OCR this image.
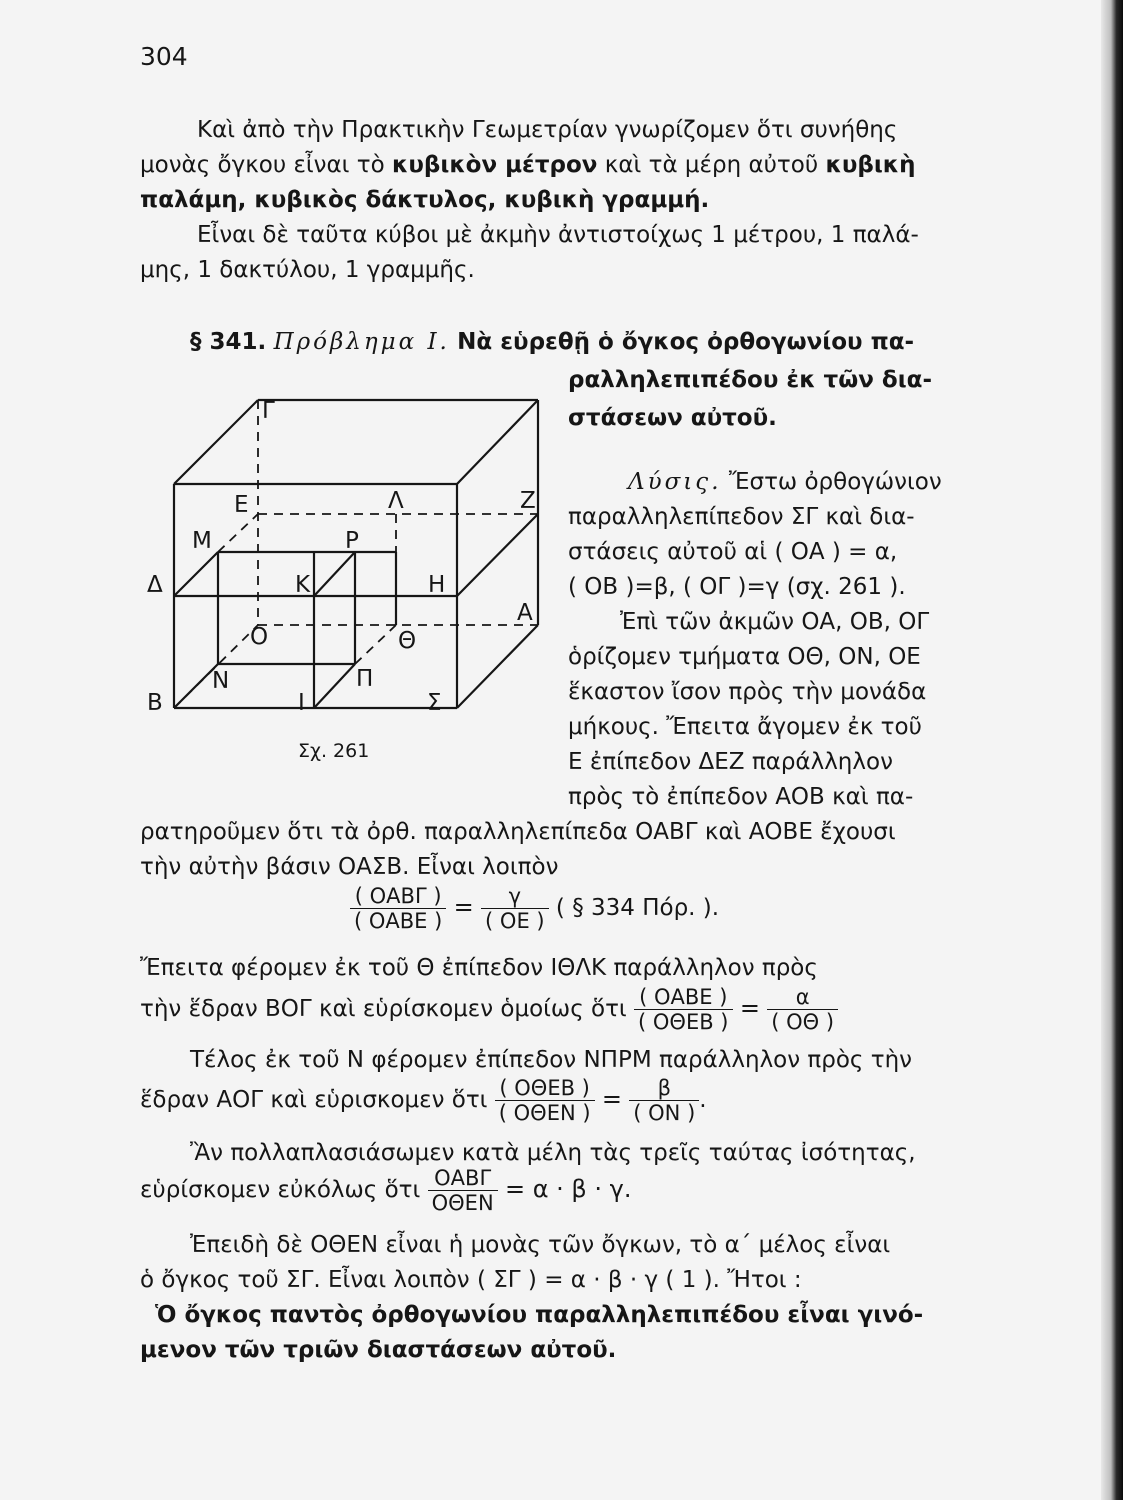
304
Καὶ ἀπὸ τὴν Πρακτικὴν Γεωμετρίαν γνωρίζομεν ὅτι συνήθης
μονὰς ὄγκου εἶναι τὸ κυβικὸν μέτρον καὶ τὰ μέρη αὐτοῦ κυβικὴ
παλάμη, κυβικὸς δάκτυλος, κυβικὴ γραμμή.
Εἶναι δὲ ταῦτα κύβοι μὲ ἀκμὴν ἀντιστοίχως 1 μέτρου, 1 παλά-
μης, 1 δακτύλου, 1 γραμμῆς.
§ 341. Πρόβλημα Ι. Νὰ εὑρεθῇ ὁ ὄγκος ὀρθογωνίου πα-
ραλληλεπιπέδου ἐκ τῶν δια-
στάσεων αὐτοῦ.
Γ
Ε	Λ	Ζ
Μ	Ρ
Δ	Κ	Η
Α
Ο	Θ
Ν	Π
Β	Ι	Σ
Σχ. 261
Λύσις. Ἔστω ὀρθογώνιον
παραλληλεπίπεδον ΣΓ καὶ δια-
στάσεις αὐτοῦ αἱ ( ΟΑ ) = α,
( ΟΒ )=β, ( ΟΓ )=γ (σχ. 261 ).
Ἐπὶ τῶν ἀκμῶν ΟΑ, ΟΒ, ΟΓ
ὁρίζομεν τμήματα ΟΘ, ΟΝ, ΟΕ
ἕκαστον ἴσον πρὸς τὴν μονάδα
μήκους. Ἔπειτα ἄγομεν ἐκ τοῦ
Ε ἐπίπεδον ΔΕΖ παράλληλον
πρὸς τὸ ἐπίπεδον ΑΟΒ καὶ πα-
ρατηροῦμεν ὅτι τὰ ὀρθ. παραλληλεπίπεδα ΟΑΒΓ καὶ ΑΟΒΕ ἔχουσι
τὴν αὐτὴν βάσιν ΟΑΣΒ. Εἶναι λοιπὸν
$\frac{\text{( ΟΑΒΓ )}}{\text{( ΟΑΒΕ )}} = \frac{\gamma}{( OE )}$ ( § 334 Πόρ. ).
Ἔπειτα φέρομεν ἐκ τοῦ Θ ἐπίπεδον ΙΘΛΚ παράλληλον πρὸς
τὴν ἕδραν ΒΟΓ καὶ εὑρίσκομεν ὁμοίως ὅτι $\frac{\text{( ΟΑΒΕ )}}{\text{( ΟΘΕΒ )}} = \frac{\alpha}{( O\Theta )}$
Τέλος ἐκ τοῦ Ν φέρομεν ἐπίπεδον ΝΠΡΜ παράλληλον πρὸς τὴν
ἕδραν ΑΟΓ καὶ εὑρισκομεν ὅτι $\frac{\text{( ΟΘΕΒ )}}{\text{( ΟΘΕΝ )}} = \frac{\beta}{( ON )}$ .
Ἂν πολλαπλασιάσωμεν κατὰ μέλη τὰς τρεῖς ταύτας ἰσότητας,
εὑρίσκομεν εὐκόλως ὅτι $\frac{\text{ΟΑΒΓ}}{\text{ΟΘΕΝ}} = \alpha \cdot \beta \cdot \gamma$.
Ἐπειδὴ δὲ ΟΘΕΝ εἶναι ἡ μονὰς τῶν ὄγκων, τὸ α΄ μέλος εἶναι
ὁ ὄγκος τοῦ ΣΓ. Εἶναι λοιπὸν ( ΣΓ ) = α · β · γ ( 1 ). Ἤτοι :
Ὁ ὄγκος παντὸς ὀρθογωνίου παραλληλεπιπέδου εἶναι γινό-
μενον τῶν τριῶν διαστάσεων αὐτοῦ.
